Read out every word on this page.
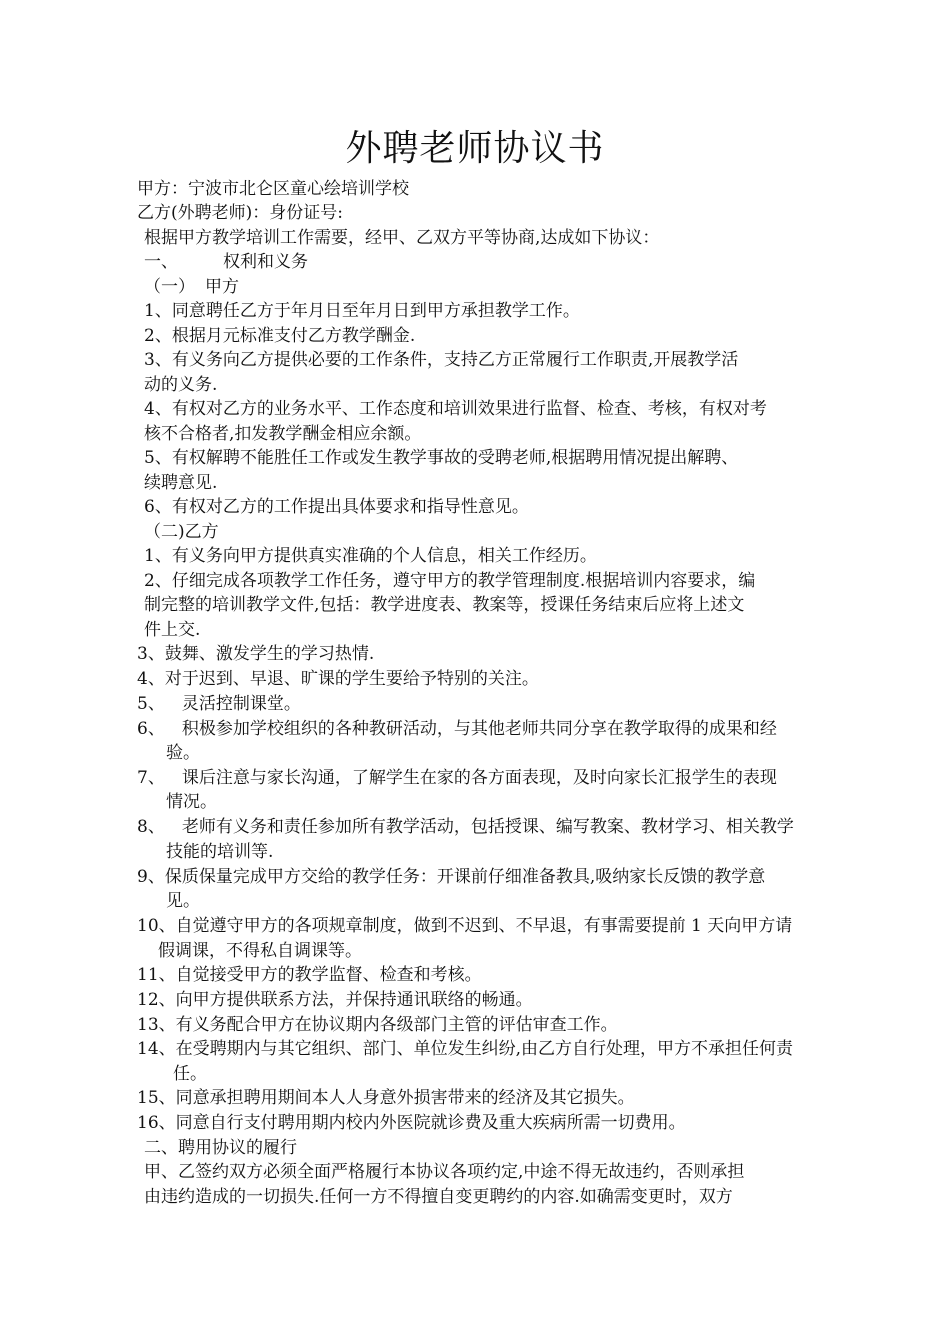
外聘老师协议书
甲方：宁波市北仑区童心绘培训学校
乙方(外聘老师)：身份证号:
根据甲方教学培训工作需要，经甲、乙双方平等协商,达成如下协议：
一、	权利和义务
（一） 甲方
1、同意聘任乙方于年月日至年月日到甲方承担教学工作。
2、根据月元标准支付乙方教学酬金.
3、有义务向乙方提供必要的工作条件，支持乙方正常履行工作职责,开展教学活
动的义务.
4、有权对乙方的业务水平、工作态度和培训效果进行监督、检查、考核，有权对考
核不合格者,扣发教学酬金相应余额。
5、有权解聘不能胜任工作或发生教学事故的受聘老师,根据聘用情况提出解聘、
续聘意见.
6、有权对乙方的工作提出具体要求和指导性意见。
（二)乙方
1、有义务向甲方提供真实准确的个人信息，相关工作经历。
2、仔细完成各项教学工作任务，遵守甲方的教学管理制度.根据培训内容要求，编
制完整的培训教学文件,包括：教学进度表、教案等，授课任务结束后应将上述文
件上交.
3、鼓舞、激发学生的学习热情.
4、对于迟到、早退、旷课的学生要给予特别的关注。
5、 灵活控制课堂。
6、 积极参加学校组织的各种教研活动，与其他老师共同分享在教学取得的成果和经
验。
7、 课后注意与家长沟通，了解学生在家的各方面表现，及时向家长汇报学生的表现
情况。
8、 老师有义务和责任参加所有教学活动，包括授课、编写教案、教材学习、相关教学
技能的培训等.
9、保质保量完成甲方交给的教学任务：开课前仔细准备教具,吸纳家长反馈的教学意
见。
10、自觉遵守甲方的各项规章制度，做到不迟到、不早退，有事需要提前 1 天向甲方请
假调课，不得私自调课等。
11、自觉接受甲方的教学监督、检查和考核。
12、向甲方提供联系方法，并保持通讯联络的畅通。
13、有义务配合甲方在协议期内各级部门主管的评估审查工作。
14、在受聘期内与其它组织、部门、单位发生纠纷,由乙方自行处理，甲方不承担任何责
任。
15、同意承担聘用期间本人人身意外损害带来的经济及其它损失。
16、同意自行支付聘用期内校内外医院就诊费及重大疾病所需一切费用。
二、聘用协议的履行
甲、乙签约双方必须全面严格履行本协议各项约定,中途不得无故违约，否则承担
由违约造成的一切损失.任何一方不得擅自变更聘约的内容.如确需变更时，双方
